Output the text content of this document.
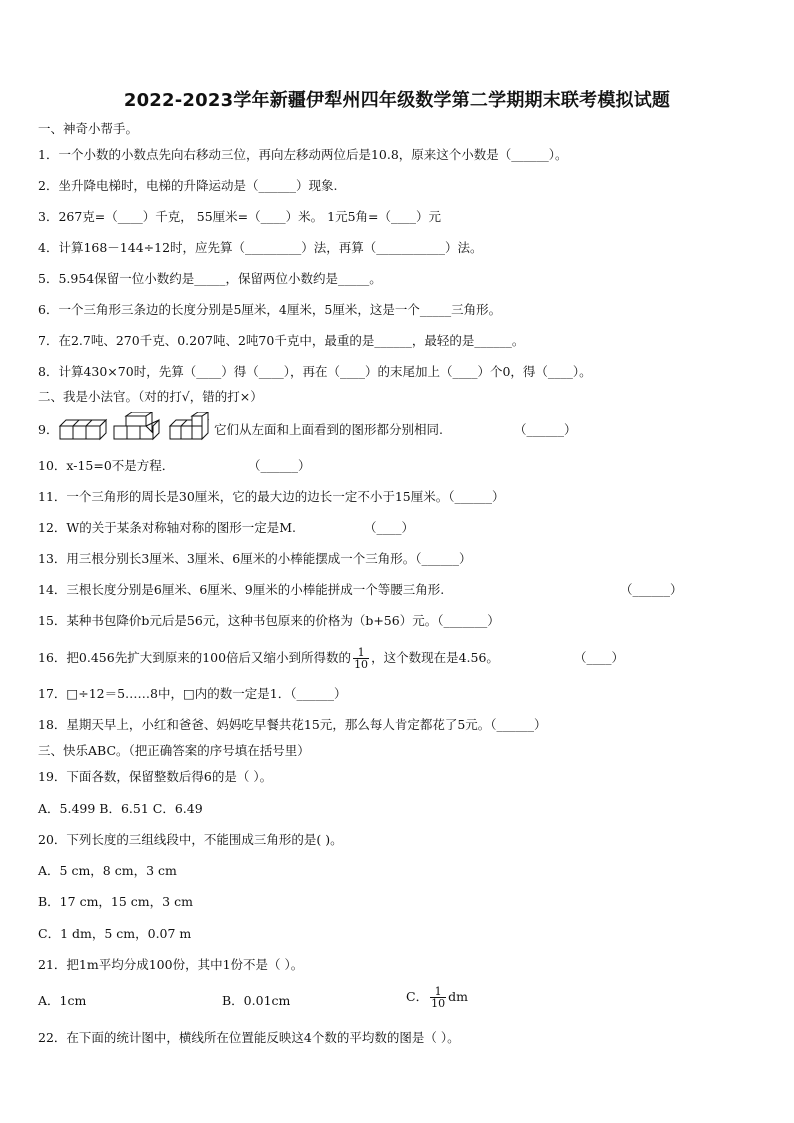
2022-2023学年新疆伊犁州四年级数学第二学期期末联考模拟试题
一、神奇小帮手。
1．一个小数的小数点先向右移动三位，再向左移动两位后是10.8，原来这个小数是（______）。
2．坐升降电梯时，电梯的升降运动是（______）现象.
3．267克=（____）千克， 55厘米=（____）米。 1元5角=（____）元
4．计算168－144÷12时，应先算（_________）法，再算（___________）法。
5．5.954保留一位小数约是_____，保留两位小数约是_____。
6．一个三角形三条边的长度分别是5厘米，4厘米，5厘米，这是一个_____三角形。
7．在2.7吨、270千克、0.207吨、2吨70千克中，最重的是______，最轻的是______。
8．计算430×70时，先算（____）得（____），再在（____）的末尾加上（____）个0，得（____）。
二、我是小法官。（对的打√，错的打×）
9．	它们从左面和上面看到的图形都分别相同.	（______）
10．x-15=0不是方程．	（______）
11．一个三角形的周长是30厘米，它的最大边的边长一定不小于15厘米。（______）
12．W的关于某条对称轴对称的图形一定是M.	（____）
13．用三根分别长3厘米、3厘米、6厘米的小棒能摆成一个三角形。（______）
14．三根长度分别是6厘米、6厘米、9厘米的小棒能拼成一个等腰三角形.	（______）
15．某种书包降价b元后是56元，这种书包原来的价格为（b+56）元。（_______）
16．把0.456先扩大到原来的100倍后又缩小到所得数的 $\frac{1}{10}$ ，这个数现在是4.56。	（____）
17．□÷12＝5……8中，□内的数一定是1．（______）
18．星期天早上，小红和爸爸、妈妈吃早餐共花15元，那么每人肯定都花了5元。（______）
三、快乐ABC。（把正确答案的序号填在括号里）
19．下面各数，保留整数后得6的是（ ）。
A．5.499 B．6.51 C．6.49
20．下列长度的三组线段中，不能围成三角形的是( )。
A．5 cm，8 cm，3 cm
B．17 cm，15 cm，3 cm
C．1 dm，5 cm，0.07 m
21．把1m平均分成100份，其中1份不是（ ）。
A．1cm	B．0.01cm	C． $\frac{1}{10}$ dm
22．在下面的统计图中，横线所在位置能反映这4个数的平均数的图是（ ）。
